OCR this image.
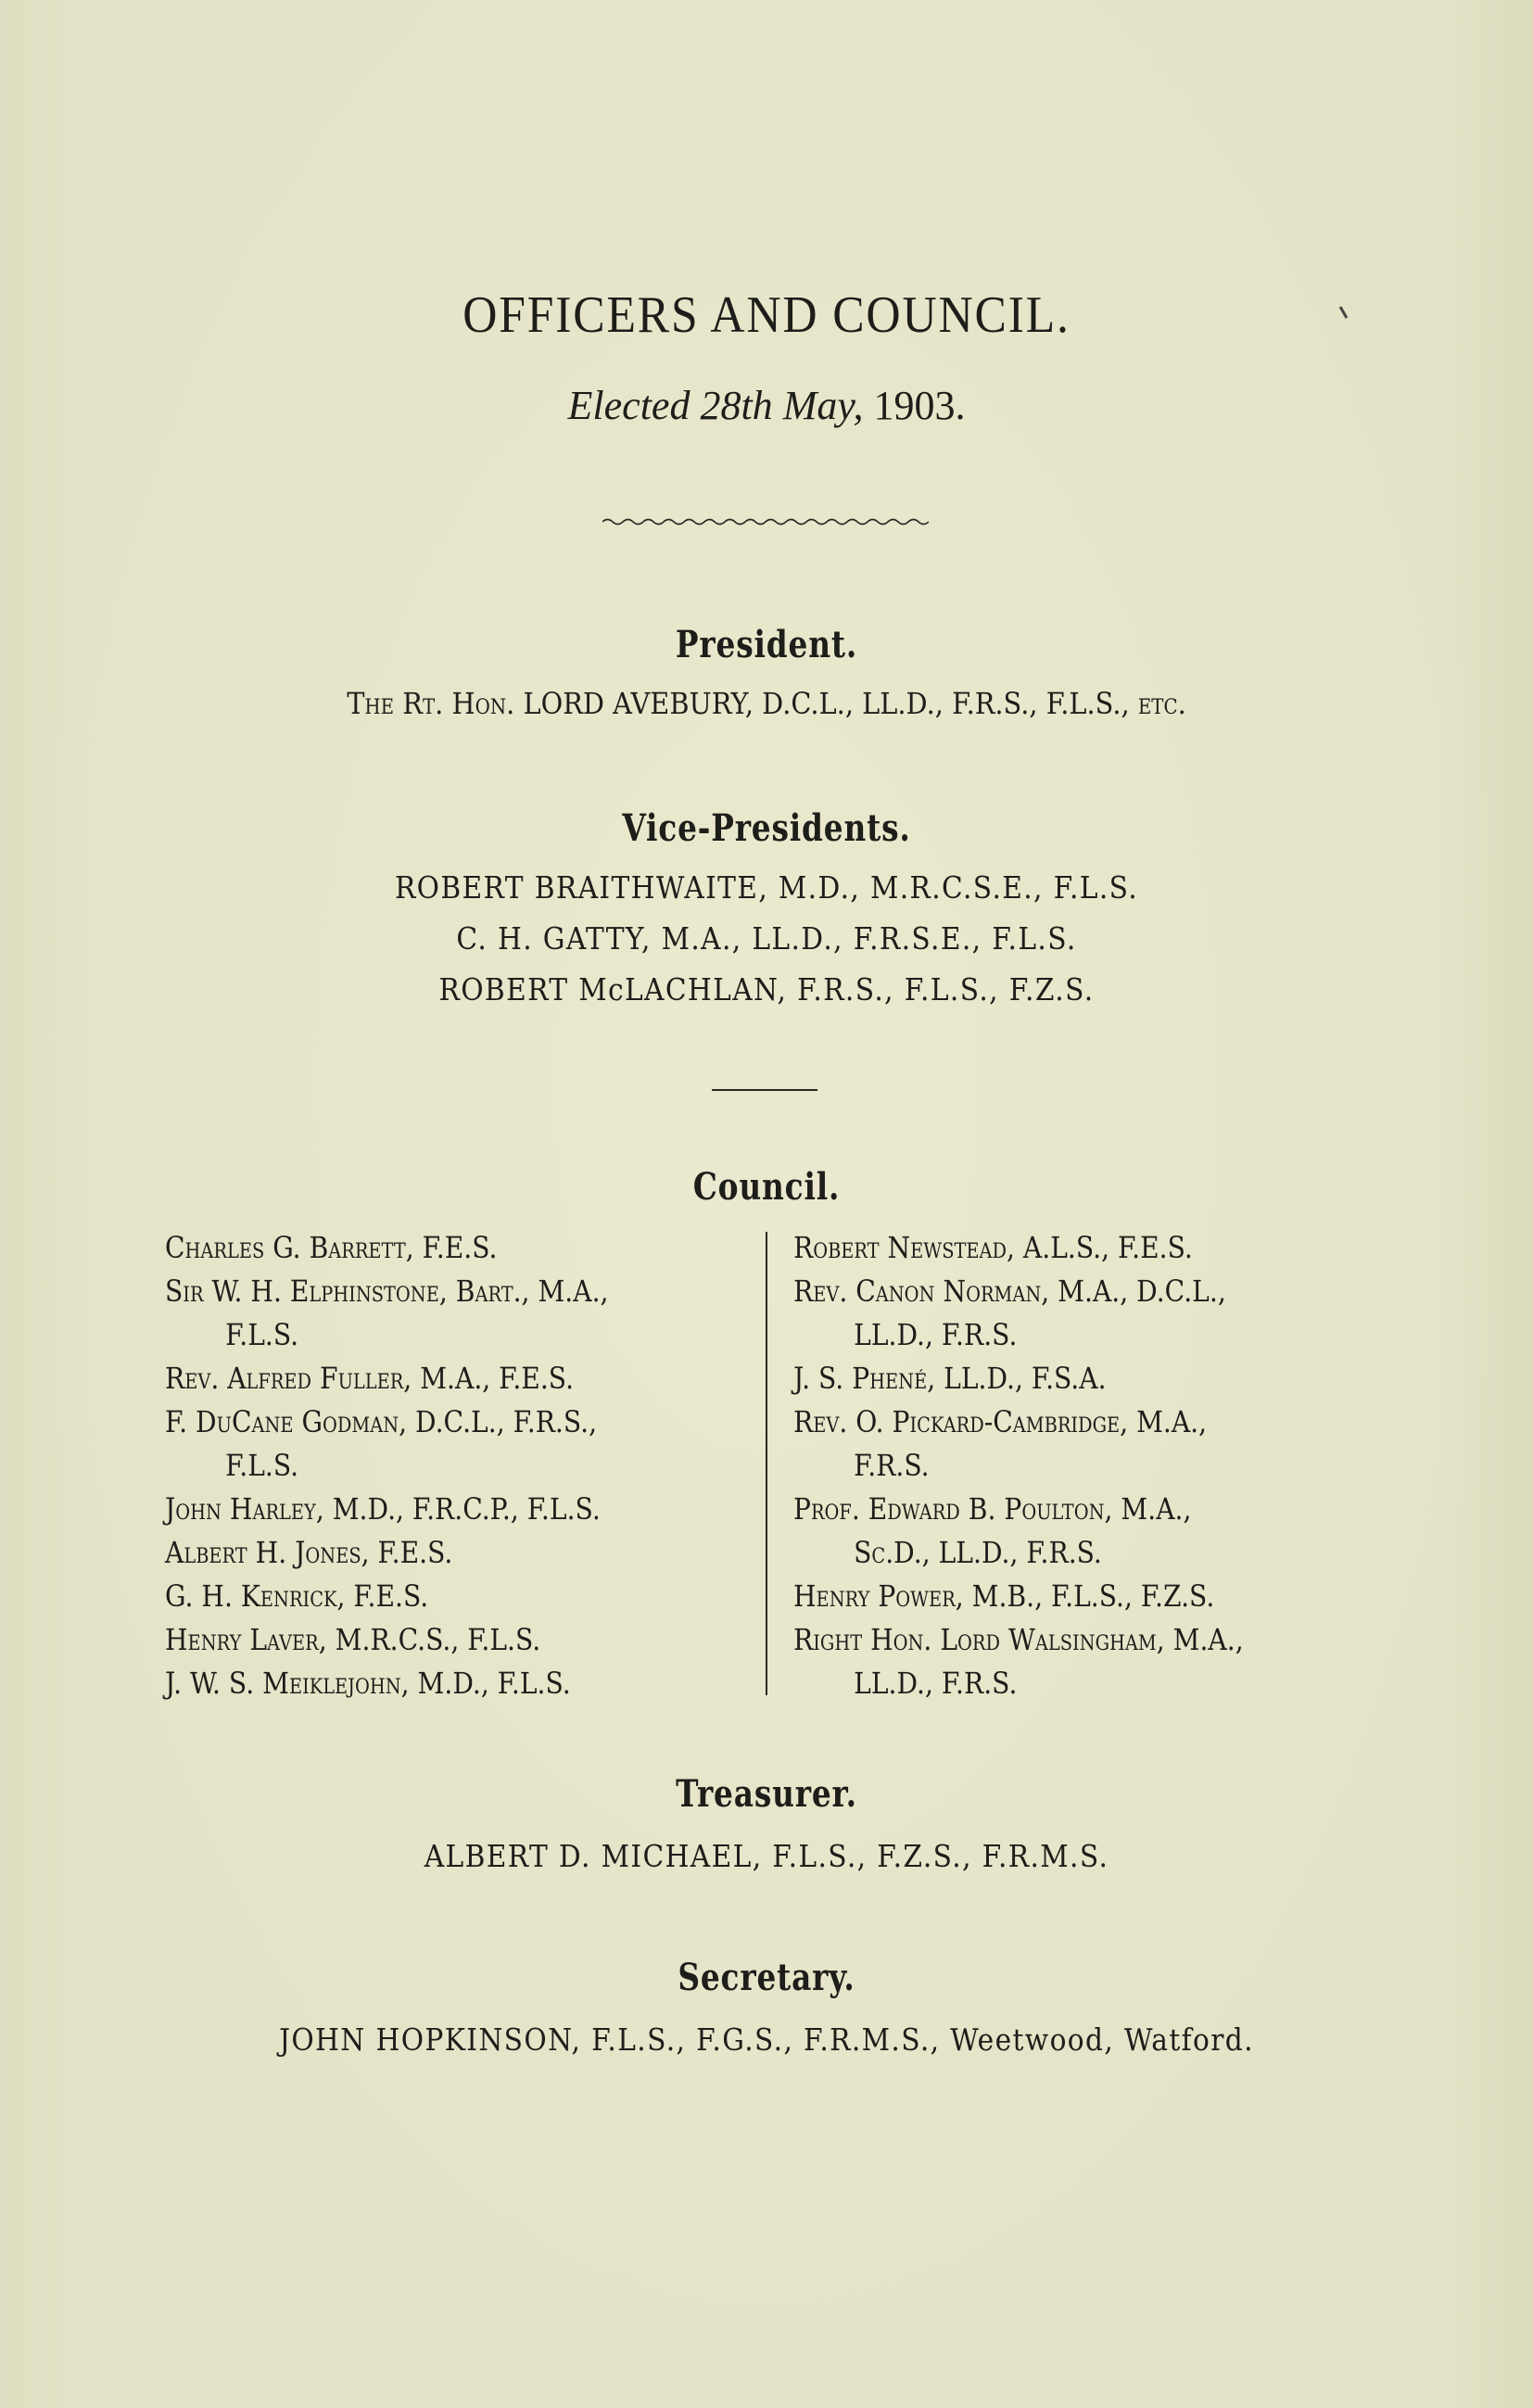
OFFICERS AND COUNCIL.
Elected 28th May, 1903.
President.
The Rt. Hon. LORD AVEBURY, D.C.L., LL.D., F.R.S., F.L.S., etc.
Vice-Presidents.
ROBERT BRAITHWAITE, M.D., M.R.C.S.E., F.L.S.
C. H. GATTY, M.A., LL.D., F.R.S.E., F.L.S.
ROBERT McLACHLAN, F.R.S., F.L.S., F.Z.S.
Council.

Charles G. Barrett, F.E.S.

Sir W. H. Elphinstone, Bart., M.A.,

F.L.S.

Rev. Alfred Fuller, M.A., F.E.S.

F. DuCane Godman, D.C.L., F.R.S.,

F.L.S.

John Harley, M.D., F.R.C.P., F.L.S.

Albert H. Jones, F.E.S.

G. H. Kenrick, F.E.S.

Henry Laver, M.R.C.S., F.L.S.

J. W. S. Meiklejohn, M.D., F.L.S.

Robert Newstead, A.L.S., F.E.S.

Rev. Canon Norman, M.A., D.C.L.,

LL.D., F.R.S.

J. S. Phené, LL.D., F.S.A.

Rev. O. Pickard-Cambridge, M.A.,

F.R.S.

Prof. Edward B. Poulton, M.A.,

Sc.D., LL.D., F.R.S.

Henry Power, M.B., F.L.S., F.Z.S.

Right Hon. Lord Walsingham, M.A.,

LL.D., F.R.S.

Treasurer.
ALBERT D. MICHAEL, F.L.S., F.Z.S., F.R.M.S.
Secretary.
JOHN HOPKINSON, F.L.S., F.G.S., F.R.M.S., Weetwood, Watford.
